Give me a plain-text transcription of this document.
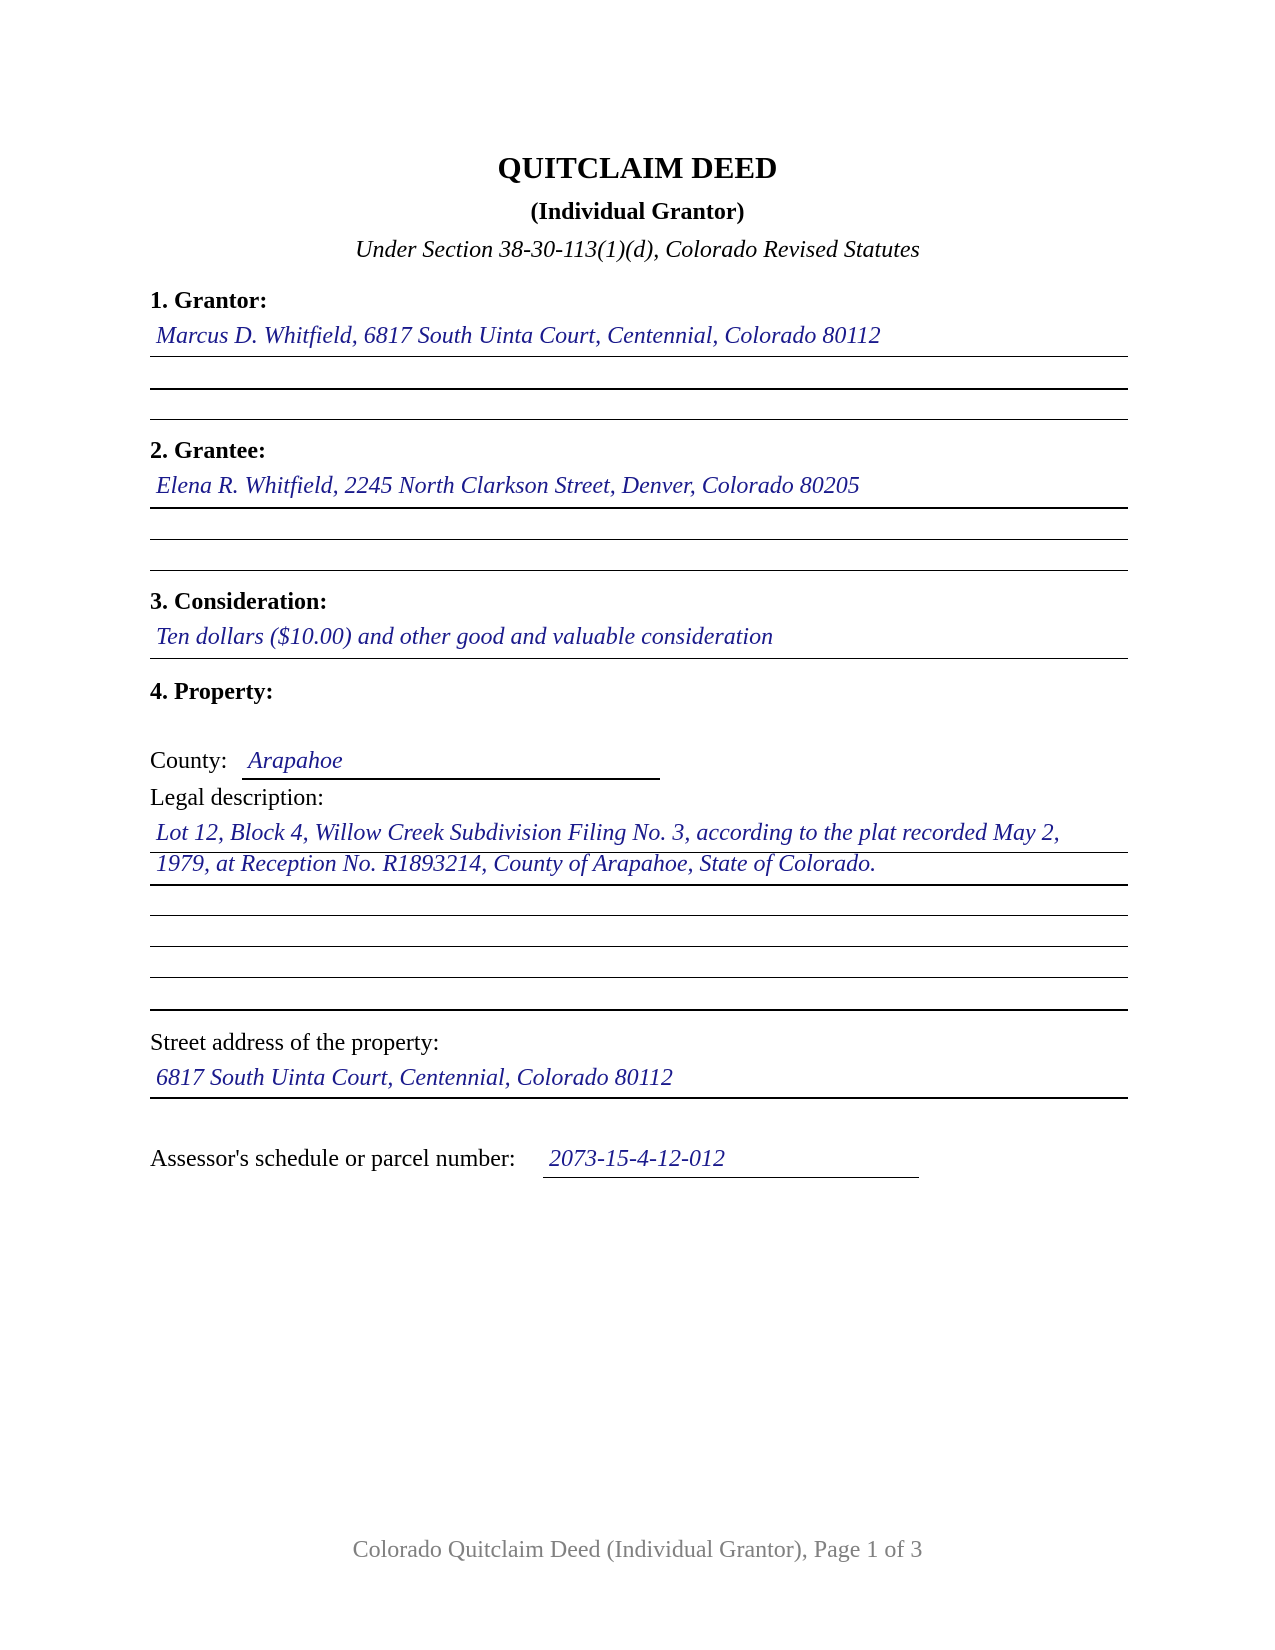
QUITCLAIM DEED
(Individual Grantor)
Under Section 38-30-113(1)(d), Colorado Revised Statutes
1. Grantor:
Marcus D. Whitfield, 6817 South Uinta Court, Centennial, Colorado 80112
2. Grantee:
Elena R. Whitfield, 2245 North Clarkson Street, Denver, Colorado 80205
3. Consideration:
Ten dollars ($10.00) and other good and valuable consideration
4. Property:
County: Arapahoe
Legal description:
Lot 12, Block 4, Willow Creek Subdivision Filing No. 3, according to the plat recorded May 2,
1979, at Reception No. R1893214, County of Arapahoe, State of Colorado.
Street address of the property:
6817 South Uinta Court, Centennial, Colorado 80112
Assessor's schedule or parcel number: 2073-15-4-12-012
Colorado Quitclaim Deed (Individual Grantor), Page 1 of 3
